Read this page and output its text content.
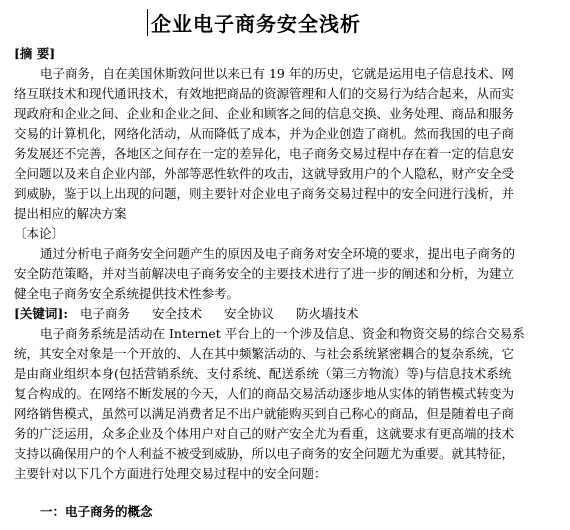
企业电子商务安全浅析
[摘 要]
电子商务，自在美国休斯敦问世以来已有 19 年的历史，它就是运用电子信息技术、网
络互联技术和现代通讯技术，有效地把商品的资源管理和人们的交易行为结合起来，从而实
现政府和企业之间、企业和企业之间、企业和顾客之间的信息交换、业务处理、商品和服务
交易的计算机化，网络化活动，从而降低了成本，并为企业创造了商机。然而我国的电子商
务发展还不完善，各地区之间存在一定的差异化，电子商务交易过程中存在着一定的信息安
全问题以及来自企业内部，外部等恶性软件的攻击，这就导致用户的个人隐私，财产安全受
到威胁，鉴于以上出现的问题，则主要针对企业电子商务交易过程中的安全问进行浅析，并
提出相应的解决方案
〔本论〕
通过分析电子商务安全问题产生的原因及电子商务对安全环境的要求，提出电子商务的
安全防范策略，并对当前解决电子商务安全的主要技术进行了进一步的阐述和分析，为建立
健全电子商务安全系统提供技术性参考。
[关键词]: 电子商务 安全技术 安全协议 防火墙技术
电子商务系统是活动在 Internet 平台上的一个涉及信息、资金和物资交易的综合交易系
统，其安全对象是一个开放的、人在其中频繁活动的、与社会系统紧密耦合的复杂系统，它
是由商业组织本身(包括营销系统、支付系统、配送系统（第三方物流）等)与信息技术系统
复合构成的。在网络不断发展的今天，人们的商品交易活动逐步地从实体的销售模式转变为
网络销售模式，虽然可以满足消费者足不出户就能购买到自己称心的商品，但是随着电子商
务的广泛运用，众多企业及个体用户对自己的财产安全尤为看重，这就要求有更高端的技术
支持以确保用户的个人利益不被受到威胁，所以电子商务的安全问题尤为重要。就其特征，
主要针对以下几个方面进行处理交易过程中的安全问题：
一：电子商务的概念
